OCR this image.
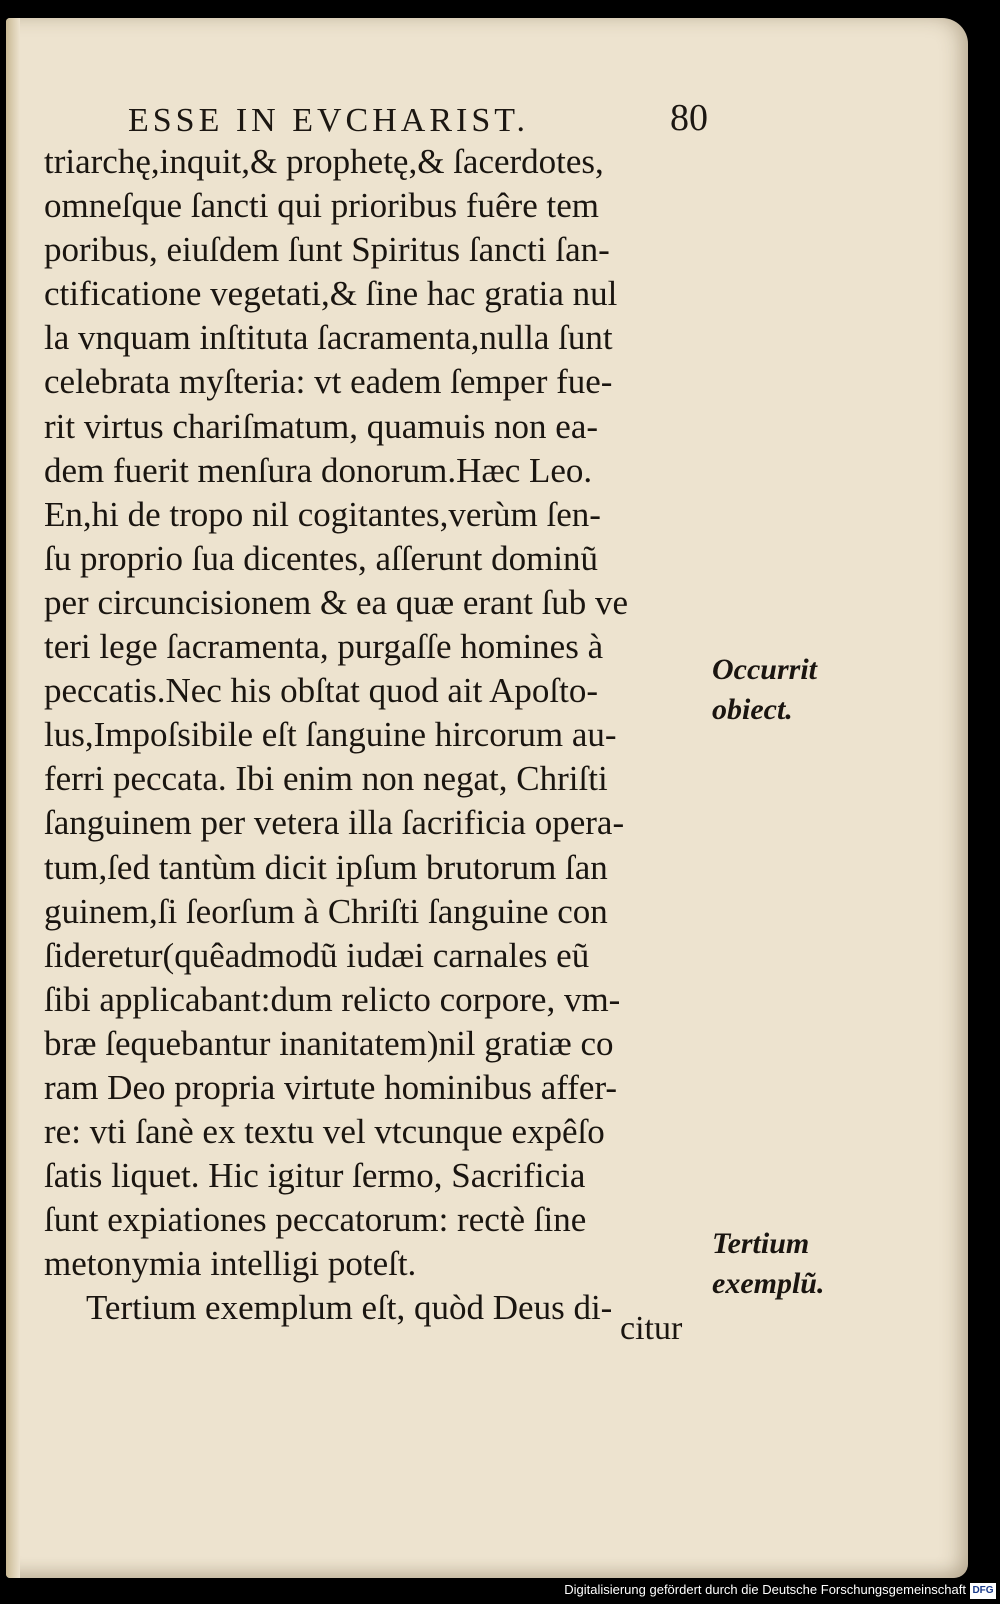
ESSE IN EVCHARIST.	80
triarchę,inquit,& prophetę,& ſacerdotes,
omneſque ſancti qui prioribus fuêre tem
poribus, eiuſdem ſunt Spiritus ſancti ſan-
ctificatione vegetati,& ſine hac gratia nul
la vnquam inſtituta ſacramenta,nulla ſunt
celebrata myſteria: vt eadem ſemper fue-
rit virtus chariſmatum, quamuis non ea-
dem fuerit menſura donorum.Hæc Leo.
En,hi de tropo nil cogitantes,verùm ſen-
ſu proprio ſua dicentes, aſſerunt dominũ
per circuncisionem & ea quæ erant ſub ve
teri lege ſacramenta, purgaſſe homines à
peccatis.Nec his obſtat quod ait Apoſto-
lus,Impoſsibile eſt ſanguine hircorum au-
ferri peccata. Ibi enim non negat, Chriſti
ſanguinem per vetera illa ſacrificia opera-
tum,ſed tantùm dicit ipſum brutorum ſan
guinem,ſi ſeorſum à Chriſti ſanguine con
ſideretur(quêadmodũ iudæi carnales eũ
ſibi applicabant:dum relicto corpore, vm-
bræ ſequebantur inanitatem)nil gratiæ co
ram Deo propria virtute hominibus affer-
re: vti ſanè ex textu vel vtcunque expêſo
ſatis liquet. Hic igitur ſermo, Sacrificia
ſunt expiationes peccatorum: rectè ſine
metonymia intelligi poteſt.
Tertium exemplum eſt, quòd Deus di-
citur
Occurrit
obiect.
Tertium
exemplũ.
Digitalisierung gefördert durch die Deutsche Forschungsgemeinschaft DFG
